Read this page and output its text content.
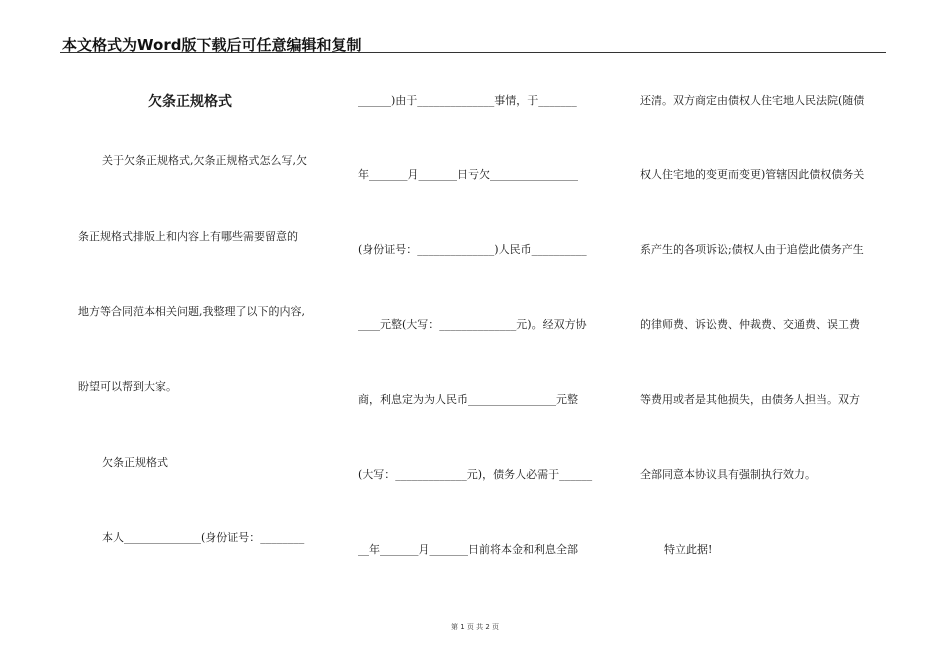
本文格式为Word版下载后可任意编辑和复制
欠条正规格式
关于欠条正规格式,欠条正规格式怎么写,欠
条正规格式排版上和内容上有哪些需要留意的
地方等合同范本相关问题,我整理了以下的内容,
盼望可以帮到大家。
欠条正规格式
本人______________(身份证号：________
______)由于______________事情，于_______
年_______月_______日亏欠________________
(身份证号：______________)人民币__________
____元整(大写：______________元)。经双方协
商，利息定为为人民币________________元整
(大写：_____________元)，债务人必需于______
__年_______月_______日前将本金和利息全部
还清。双方商定由债权人住宅地人民法院(随债
权人住宅地的变更而变更)管辖因此债权债务关
系产生的各项诉讼;债权人由于追偿此债务产生
的律师费、诉讼费、仲裁费、交通费、误工费
等费用或者是其他损失，由债务人担当。双方
全部同意本协议具有强制执行效力。
特立此据!
第 1 页 共 2 页
